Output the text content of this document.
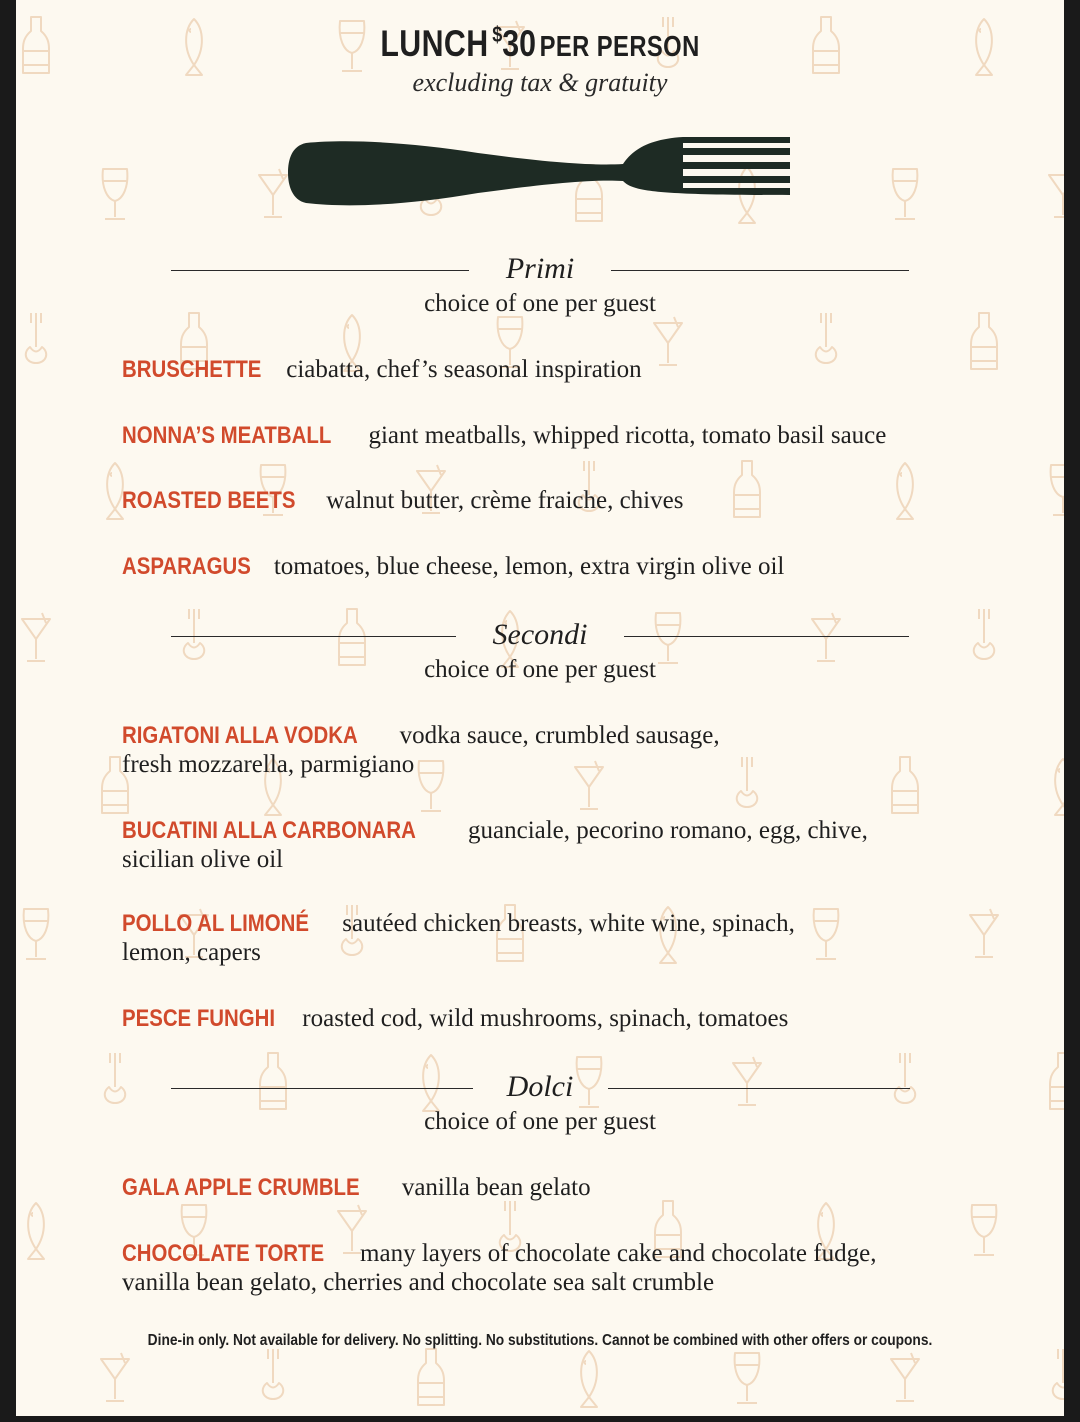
LUNCH $30 PER PERSON
excluding tax & gratuity
Primi
choice of one per guest
BRUSCHETTE ciabatta, chef’s seasonal inspiration
NONNA’S MEATBALL giant meatballs, whipped ricotta, tomato basil sauce
ROASTED BEETS walnut butter, crème fraiche, chives
ASPARAGUS tomatoes, blue cheese, lemon, extra virgin olive oil
Secondi
choice of one per guest
RIGATONI ALLA VODKA vodka sauce, crumbled sausage,
fresh mozzarella, parmigiano
BUCATINI ALLA CARBONARA guanciale, pecorino romano, egg, chive,
sicilian olive oil
POLLO AL LIMONÉ sautéed chicken breasts, white wine, spinach,
lemon, capers
PESCE FUNGHI roasted cod, wild mushrooms, spinach, tomatoes
Dolci
choice of one per guest
GALA APPLE CRUMBLE vanilla bean gelato
CHOCOLATE TORTE many layers of chocolate cake and chocolate fudge,
vanilla bean gelato, cherries and chocolate sea salt crumble
Dine-in only. Not available for delivery. No splitting. No substitutions. Cannot be combined with other offers or coupons.
